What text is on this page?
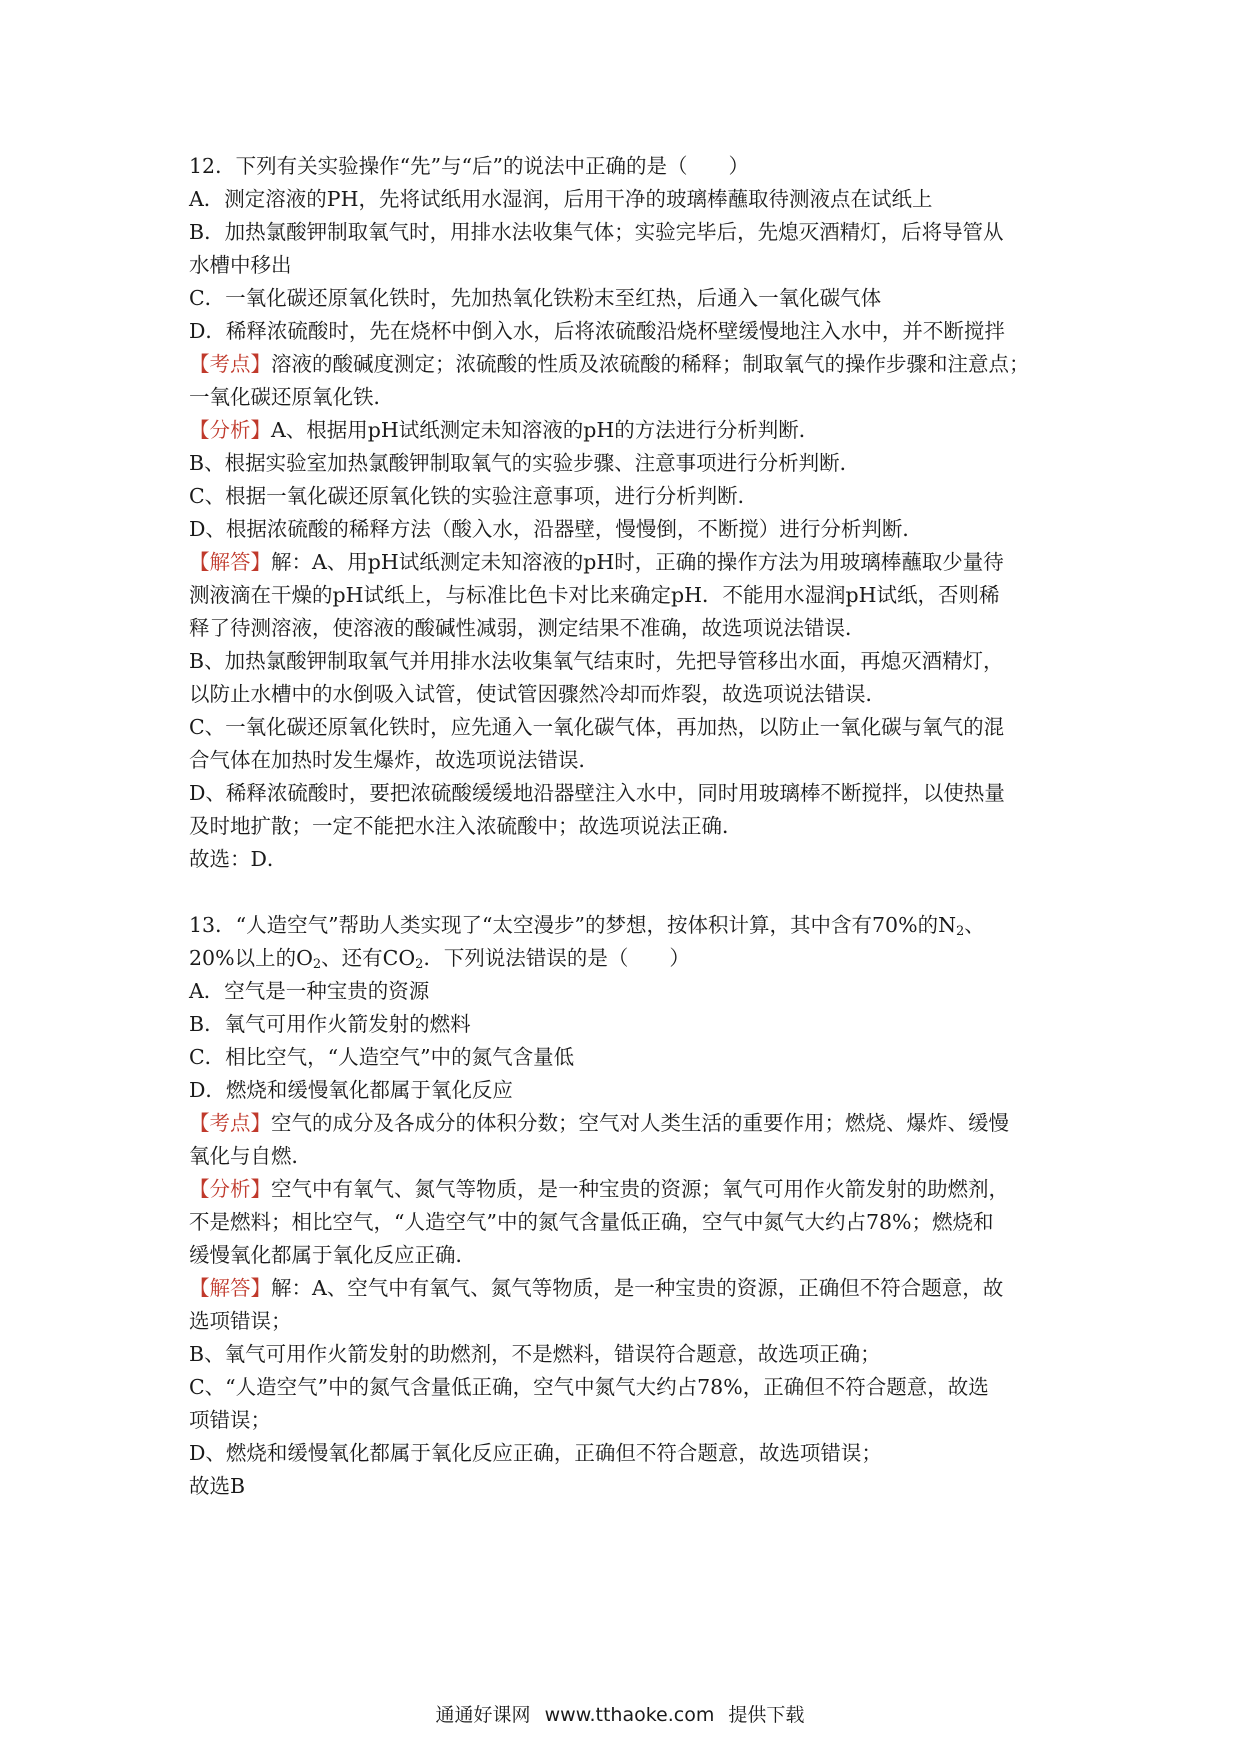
12．下列有关实验操作“先”与“后”的说法中正确的是（　　）
A．测定溶液的PH，先将试纸用水湿润，后用干净的玻璃棒蘸取待测液点在试纸上
B．加热氯酸钾制取氧气时，用排水法收集气体；实验完毕后，先熄灭酒精灯，后将导管从
水槽中移出
C．一氧化碳还原氧化铁时，先加热氧化铁粉末至红热，后通入一氧化碳气体
D．稀释浓硫酸时，先在烧杯中倒入水，后将浓硫酸沿烧杯壁缓慢地注入水中，并不断搅拌
【考点】溶液的酸碱度测定；浓硫酸的性质及浓硫酸的稀释；制取氧气的操作步骤和注意点；
一氧化碳还原氧化铁．
【分析】A、根据用pH试纸测定未知溶液的pH的方法进行分析判断．
B、根据实验室加热氯酸钾制取氧气的实验步骤、注意事项进行分析判断．
C、根据一氧化碳还原氧化铁的实验注意事项，进行分析判断．
D、根据浓硫酸的稀释方法（酸入水，沿器壁，慢慢倒，不断搅）进行分析判断．
【解答】解：A、用pH试纸测定未知溶液的pH时，正确的操作方法为用玻璃棒蘸取少量待
测液滴在干燥的pH试纸上，与标准比色卡对比来确定pH．不能用水湿润pH试纸，否则稀
释了待测溶液，使溶液的酸碱性减弱，测定结果不准确，故选项说法错误．
B、加热氯酸钾制取氧气并用排水法收集氧气结束时，先把导管移出水面，再熄灭酒精灯，
以防止水槽中的水倒吸入试管，使试管因骤然冷却而炸裂，故选项说法错误．
C、一氧化碳还原氧化铁时，应先通入一氧化碳气体，再加热，以防止一氧化碳与氧气的混
合气体在加热时发生爆炸，故选项说法错误．
D、稀释浓硫酸时，要把浓硫酸缓缓地沿器壁注入水中，同时用玻璃棒不断搅拌，以使热量
及时地扩散；一定不能把水注入浓硫酸中；故选项说法正确．
故选：D．
13．“人造空气”帮助人类实现了“太空漫步”的梦想，按体积计算，其中含有70%的$N_2$、
20%以上的$O_2$、还有$CO_2$．下列说法错误的是（　　）
A．空气是一种宝贵的资源
B．氧气可用作火箭发射的燃料
C．相比空气，“人造空气”中的氮气含量低
D．燃烧和缓慢氧化都属于氧化反应
【考点】空气的成分及各成分的体积分数；空气对人类生活的重要作用；燃烧、爆炸、缓慢
氧化与自燃．
【分析】空气中有氧气、氮气等物质，是一种宝贵的资源；氧气可用作火箭发射的助燃剂，
不是燃料；相比空气，“人造空气”中的氮气含量低正确，空气中氮气大约占78%；燃烧和
缓慢氧化都属于氧化反应正确．
【解答】解：A、空气中有氧气、氮气等物质，是一种宝贵的资源，正确但不符合题意，故
选项错误；
B、氧气可用作火箭发射的助燃剂，不是燃料，错误符合题意，故选项正确；
C、“人造空气”中的氮气含量低正确，空气中氮气大约占78%，正确但不符合题意，故选
项错误；
D、燃烧和缓慢氧化都属于氧化反应正确，正确但不符合题意，故选项错误；
故选B
通通好课网 www.tthaoke.com 提供下载
